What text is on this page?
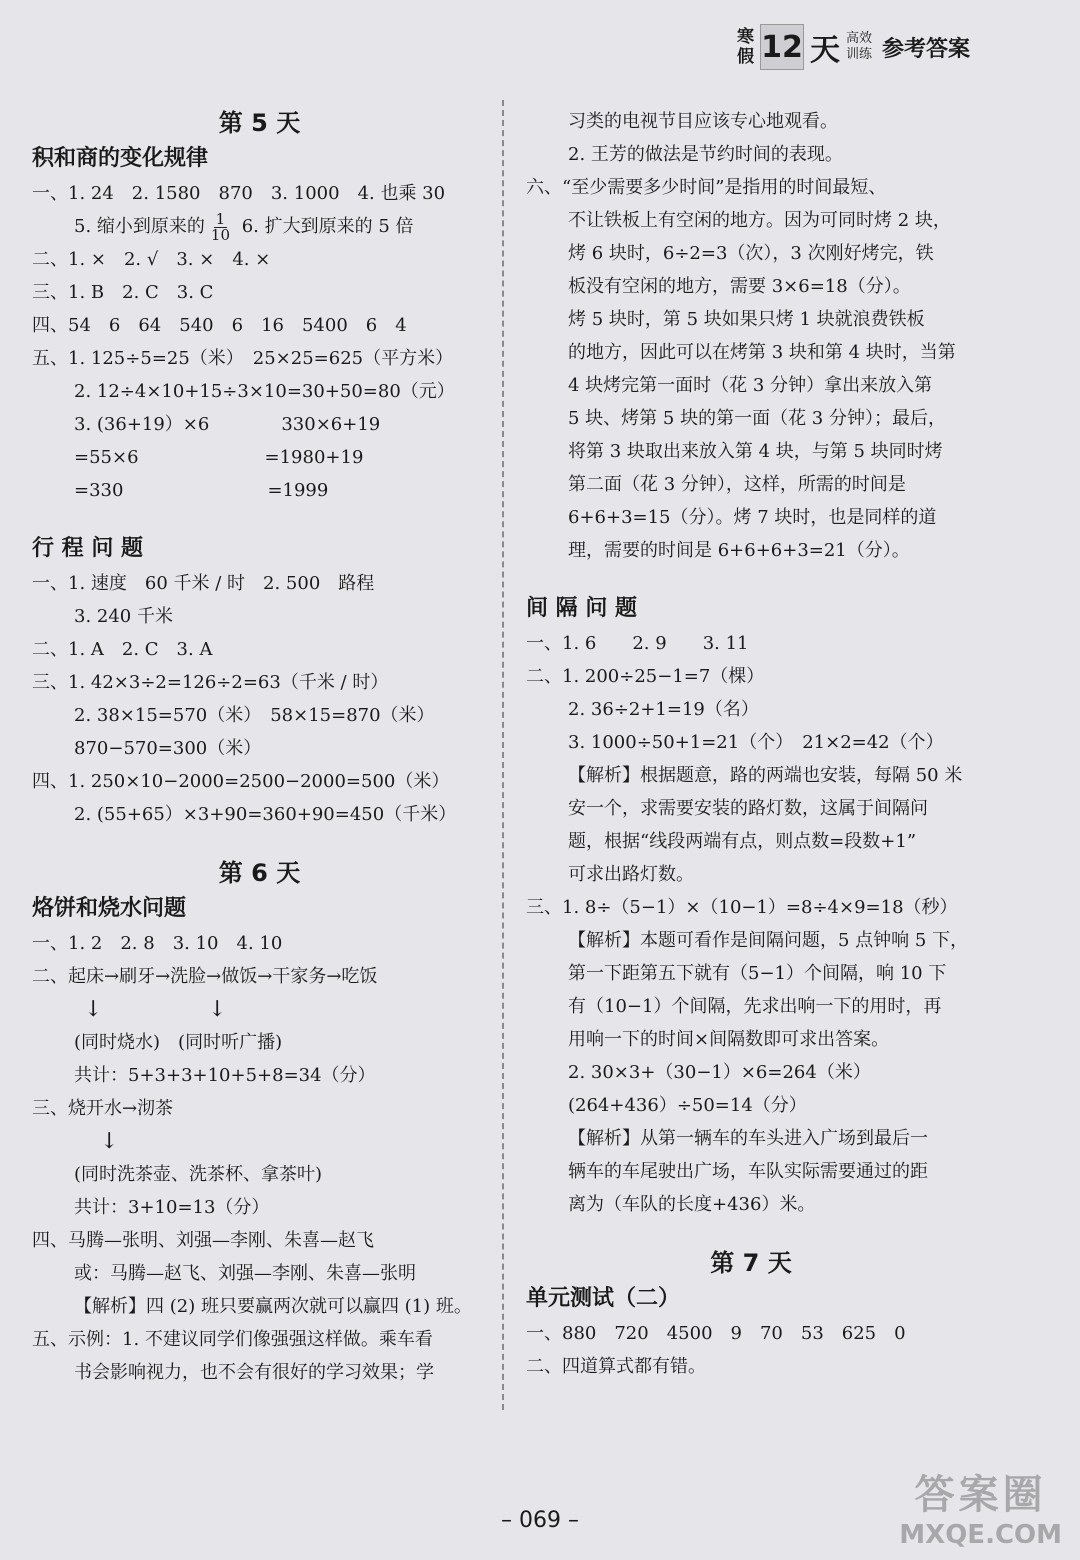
寒
假 12 天 高效
训练 参考答案
第 5 天
积和商的变化规律
一、1. 24　2. 1580　870　3. 1000　4. 也乘 30
5. 缩小到原来的 $\frac{1}{10} 6$. 扩大到原来的 5 倍
二、1. ×　2. √　3. ×　4. ×
三、1. B　2. C　3. C
四、54　6　64　540　6　16　5400　6　4
五、1. 125÷5=25（米）　25×25=625（平方米）
2. 12÷4×10+15÷3×10=30+50=80（元）
3. (36+19）×6　　　　330×6+19
=55×6　　　　　　　=1980+19
=330　　　　　　　　=1999
行 程 问 题
一、1. 速度　60 千米 / 时　2. 500　路程
3. 240 千米
二、1. A　2. C　3. A
三、1. 42×3÷2=126÷2=63（千米 / 时）
2. 38×15=570（米）　58×15=870（米）
870−570=300（米）
四、1. 250×10−2000=2500−2000=500（米）
2. (55+65）×3+90=360+90=450（千米）
第 6 天
烙饼和烧水问题
一、1. 2　2. 8　3. 10　4. 10
二、起床→刷牙→洗脸→做饭→干家务→吃饭
↓	↓
(同时烧水)　(同时听广播)
共计：5+3+3+10+5+8=34（分）
三、烧开水→沏茶
↓
(同时洗茶壶、洗茶杯、拿茶叶)
共计：3+10=13（分）
四、马腾—张明、刘强—李刚、朱喜—赵飞
或：马腾—赵飞、刘强—李刚、朱喜—张明
【解析】四 (2) 班只要赢两次就可以赢四 (1) 班。
五、示例：1. 不建议同学们像强强这样做。乘车看
书会影响视力，也不会有很好的学习效果；学
习类的电视节目应该专心地观看。
2. 王芳的做法是节约时间的表现。
六、“至少需要多少时间”是指用的时间最短、
不让铁板上有空闲的地方。因为可同时烤 2 块，
烤 6 块时，6÷2=3（次），3 次刚好烤完，铁
板没有空闲的地方，需要 3×6=18（分）。
烤 5 块时，第 5 块如果只烤 1 块就浪费铁板
的地方，因此可以在烤第 3 块和第 4 块时，当第
4 块烤完第一面时（花 3 分钟）拿出来放入第
5 块、烤第 5 块的第一面（花 3 分钟）；最后，
将第 3 块取出来放入第 4 块，与第 5 块同时烤
第二面（花 3 分钟），这样，所需的时间是
6+6+3=15（分）。烤 7 块时，也是同样的道
理，需要的时间是 6+6+6+3=21（分）。
间 隔 问 题
一、1. 6　　2. 9　　3. 11
二、1. 200÷25−1=7（棵）
2. 36÷2+1=19（名）
3. 1000÷50+1=21（个）　21×2=42（个）
【解析】根据题意，路的两端也安装，每隔 50 米
安一个，求需要安装的路灯数，这属于间隔问
题，根据“线段两端有点，则点数=段数+1”
可求出路灯数。
三、1. 8÷（5−1）×（10−1）=8÷4×9=18（秒）
【解析】本题可看作是间隔问题，5 点钟响 5 下，
第一下距第五下就有（5−1）个间隔，响 10 下
有（10−1）个间隔，先求出响一下的用时，再
用响一下的时间×间隔数即可求出答案。
2. 30×3+（30−1）×6=264（米）
(264+436）÷50=14（分）
【解析】从第一辆车的车头进入广场到最后一
辆车的车尾驶出广场，车队实际需要通过的距
离为（车队的长度+436）米。
第 7 天
单元测试（二）
一、880　720　4500　9　70　53　625　0
二、四道算式都有错。
– 069 –
答案圈
MXQE.COM
